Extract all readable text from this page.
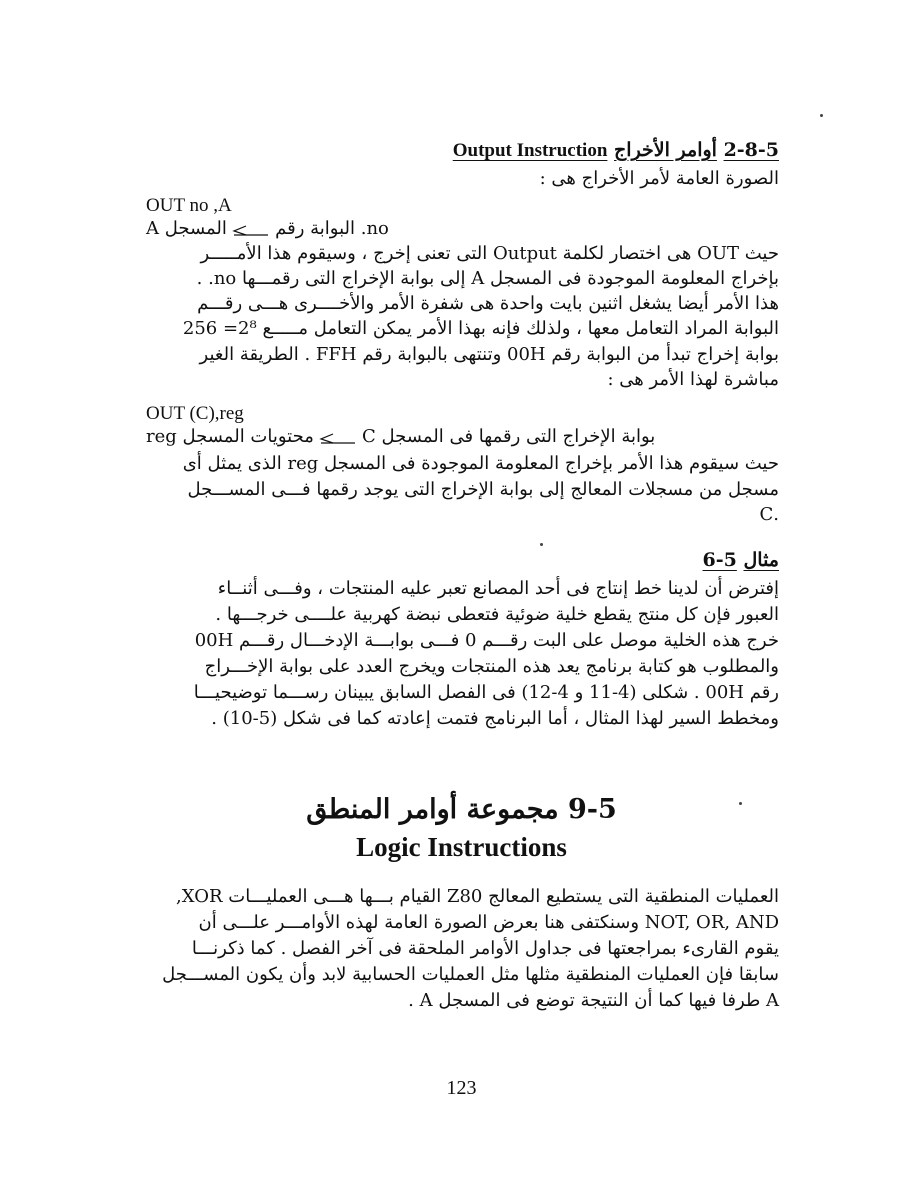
2-8-5 أوامر الأخراج Output Instruction
الصورة العامة لأمر الأخراج هى :
OUT no ,A
no. البوابة رقم  المسجل A
حيث OUT هى اختصار لكلمة Output التى تعنى إخرج ، وسيقوم هذا الأمـــــر
بإخراج المعلومة الموجودة فى المسجل A إلى بوابة الإخراج التى رقمـــها no. .
هذا الأمر أيضا يشغل اثنين بايت واحدة هى شفرة الأمر والأخــــرى هـــى رقـــم
البوابة المراد التعامل معها ، ولذلك فإنه بهذا الأمر يمكن التعامل مـــــع 2⁸= 256
بوابة إخراج تبدأ من البوابة رقم 00H وتنتهى بالبوابة رقم FFH . الطريقة الغير
مباشرة لهذا الأمر هى :
OUT (C),reg
بوابة الإخراج التى رقمها فى المسجل C  محتويات المسجل reg
حيث سيقوم هذا الأمر بإخراج المعلومة الموجودة فى المسجل reg الذى يمثل أى
مسجل من مسجلات المعالج إلى بوابة الإخراج التى يوجد رقمها فـــى المســـجل
.C
مثال 6-5
إفترض أن لدينا خط إنتاج فى أحد المصانع تعبر عليه المنتجات ، وفـــى أثنــاء
العبور فإن كل منتج يقطع خلية ضوئية فتعطى نبضة كهربية علــــى خرجـــها .
خرج هذه الخلية موصل على البت رقـــم 0 فـــى بوابـــة الإدخـــال رقـــم 00H
والمطلوب هو كتابة برنامج يعد هذه المنتجات ويخرج العدد على بوابة الإخـــراج
رقم 00H . شكلى (4-11 و 4-12) فى الفصل السابق يبينان رســـما توضيحيـــا
ومخطط السير لهذا المثال ، أما البرنامج فتمت إعادته كما فى شكل (5-10) .
9-5 مجموعة أوامر المنطق
Logic Instructions
العمليات المنطقية التى يستطيع المعالج Z80 القيام بـــها هـــى العمليـــات XOR,
NOT, OR, AND وسنكتفى هنا بعرض الصورة العامة لهذه الأوامـــر علـــى أن
يقوم القارىء بمراجعتها فى جداول الأوامر الملحقة فى آخر الفصل . كما ذكرنـــا
سابقا فإن العمليات المنطقية مثلها مثل العمليات الحسابية لابد وأن يكون المســـجل
A طرفا فيها كما أن النتيجة توضع فى المسجل A .
123
